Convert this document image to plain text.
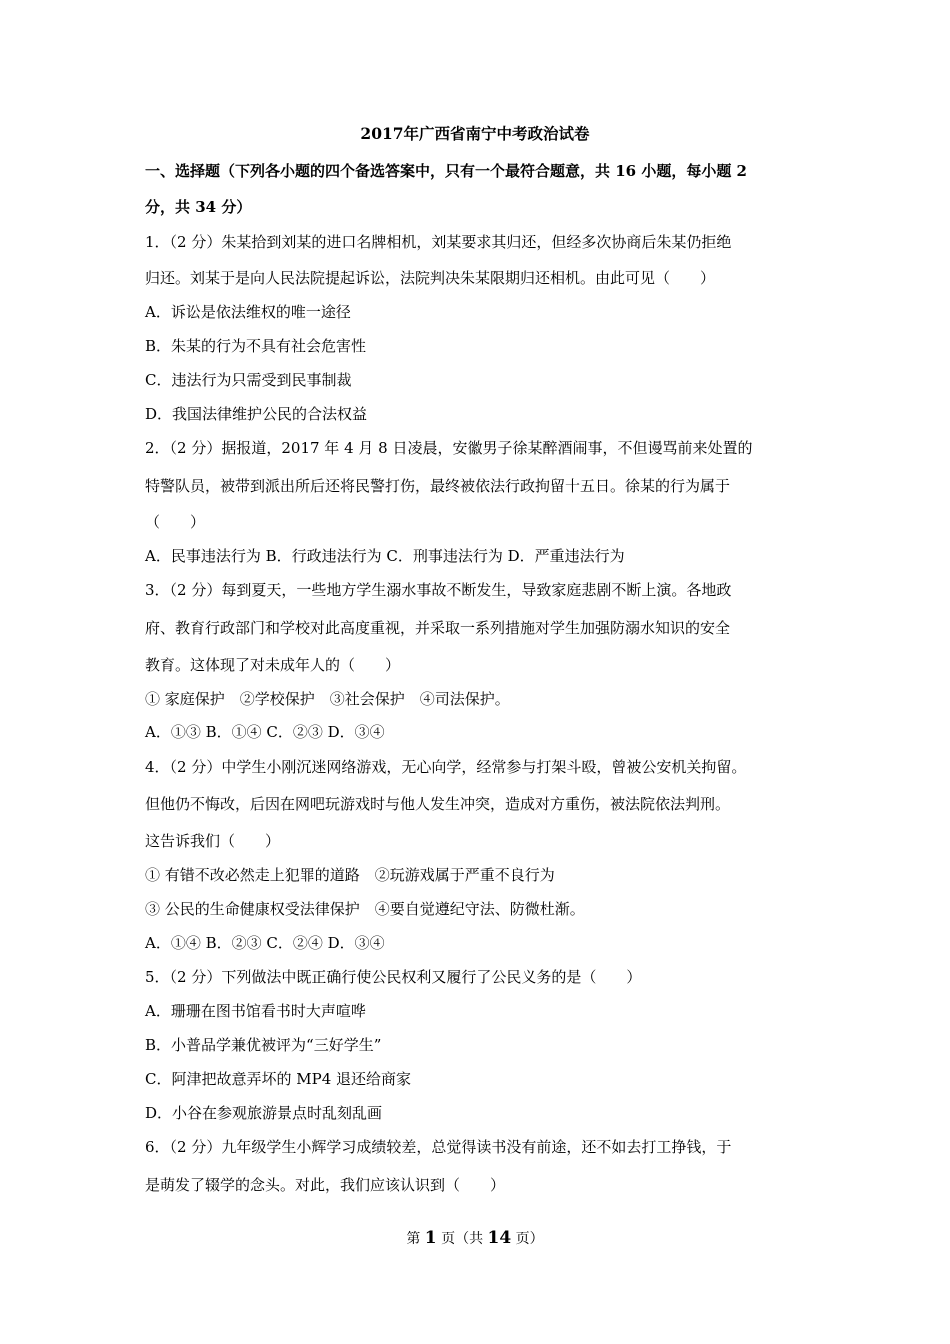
2017年广西省南宁中考政治试卷
一、选择题（下列各小题的四个备选答案中，只有一个最符合题意，共 16 小题，每小题 2
分，共 34 分）
1．（2 分）朱某拾到刘某的进口名牌相机，刘某要求其归还，但经多次协商后朱某仍拒绝
归还。刘某于是向人民法院提起诉讼，法院判决朱某限期归还相机。由此可见（　　）
A．诉讼是依法维权的唯一途径
B．朱某的行为不具有社会危害性
C．违法行为只需受到民事制裁
D．我国法律维护公民的合法权益
2．（2 分）据报道，2017 年 4 月 8 日凌晨，安徽男子徐某醉酒闹事，不但谩骂前来处置的
特警队员，被带到派出所后还将民警打伤，最终被依法行政拘留十五日。徐某的行为属于
（　　）
A．民事违法行为 B．行政违法行为 C．刑事违法行为 D．严重违法行为
3．（2 分）每到夏天，一些地方学生溺水事故不断发生，导致家庭悲剧不断上演。各地政
府、教育行政部门和学校对此高度重视，并采取一系列措施对学生加强防溺水知识的安全
教育。这体现了对未成年人的（　　）
① 家庭保护　②学校保护　③社会保护　④司法保护。
A．①③ B．①④ C．②③ D．③④
4．（2 分）中学生小刚沉迷网络游戏，无心向学，经常参与打架斗殴，曾被公安机关拘留。
但他仍不悔改，后因在网吧玩游戏时与他人发生冲突，造成对方重伤，被法院依法判刑。
这告诉我们（　　）
① 有错不改必然走上犯罪的道路　②玩游戏属于严重不良行为
③ 公民的生命健康权受法律保护　④要自觉遵纪守法、防微杜渐。
A．①④ B．②③ C．②④ D．③④
5．（2 分）下列做法中既正确行使公民权利又履行了公民义务的是（　　）
A．珊珊在图书馆看书时大声喧哗
B．小普品学兼优被评为“三好学生”
C．阿津把故意弄坏的 MP4 退还给商家
D．小谷在参观旅游景点时乱刻乱画
6．（2 分）九年级学生小辉学习成绩较差，总觉得读书没有前途，还不如去打工挣钱，于
是萌发了辍学的念头。对此，我们应该认识到（　　）
第 1 页（共 14 页）
